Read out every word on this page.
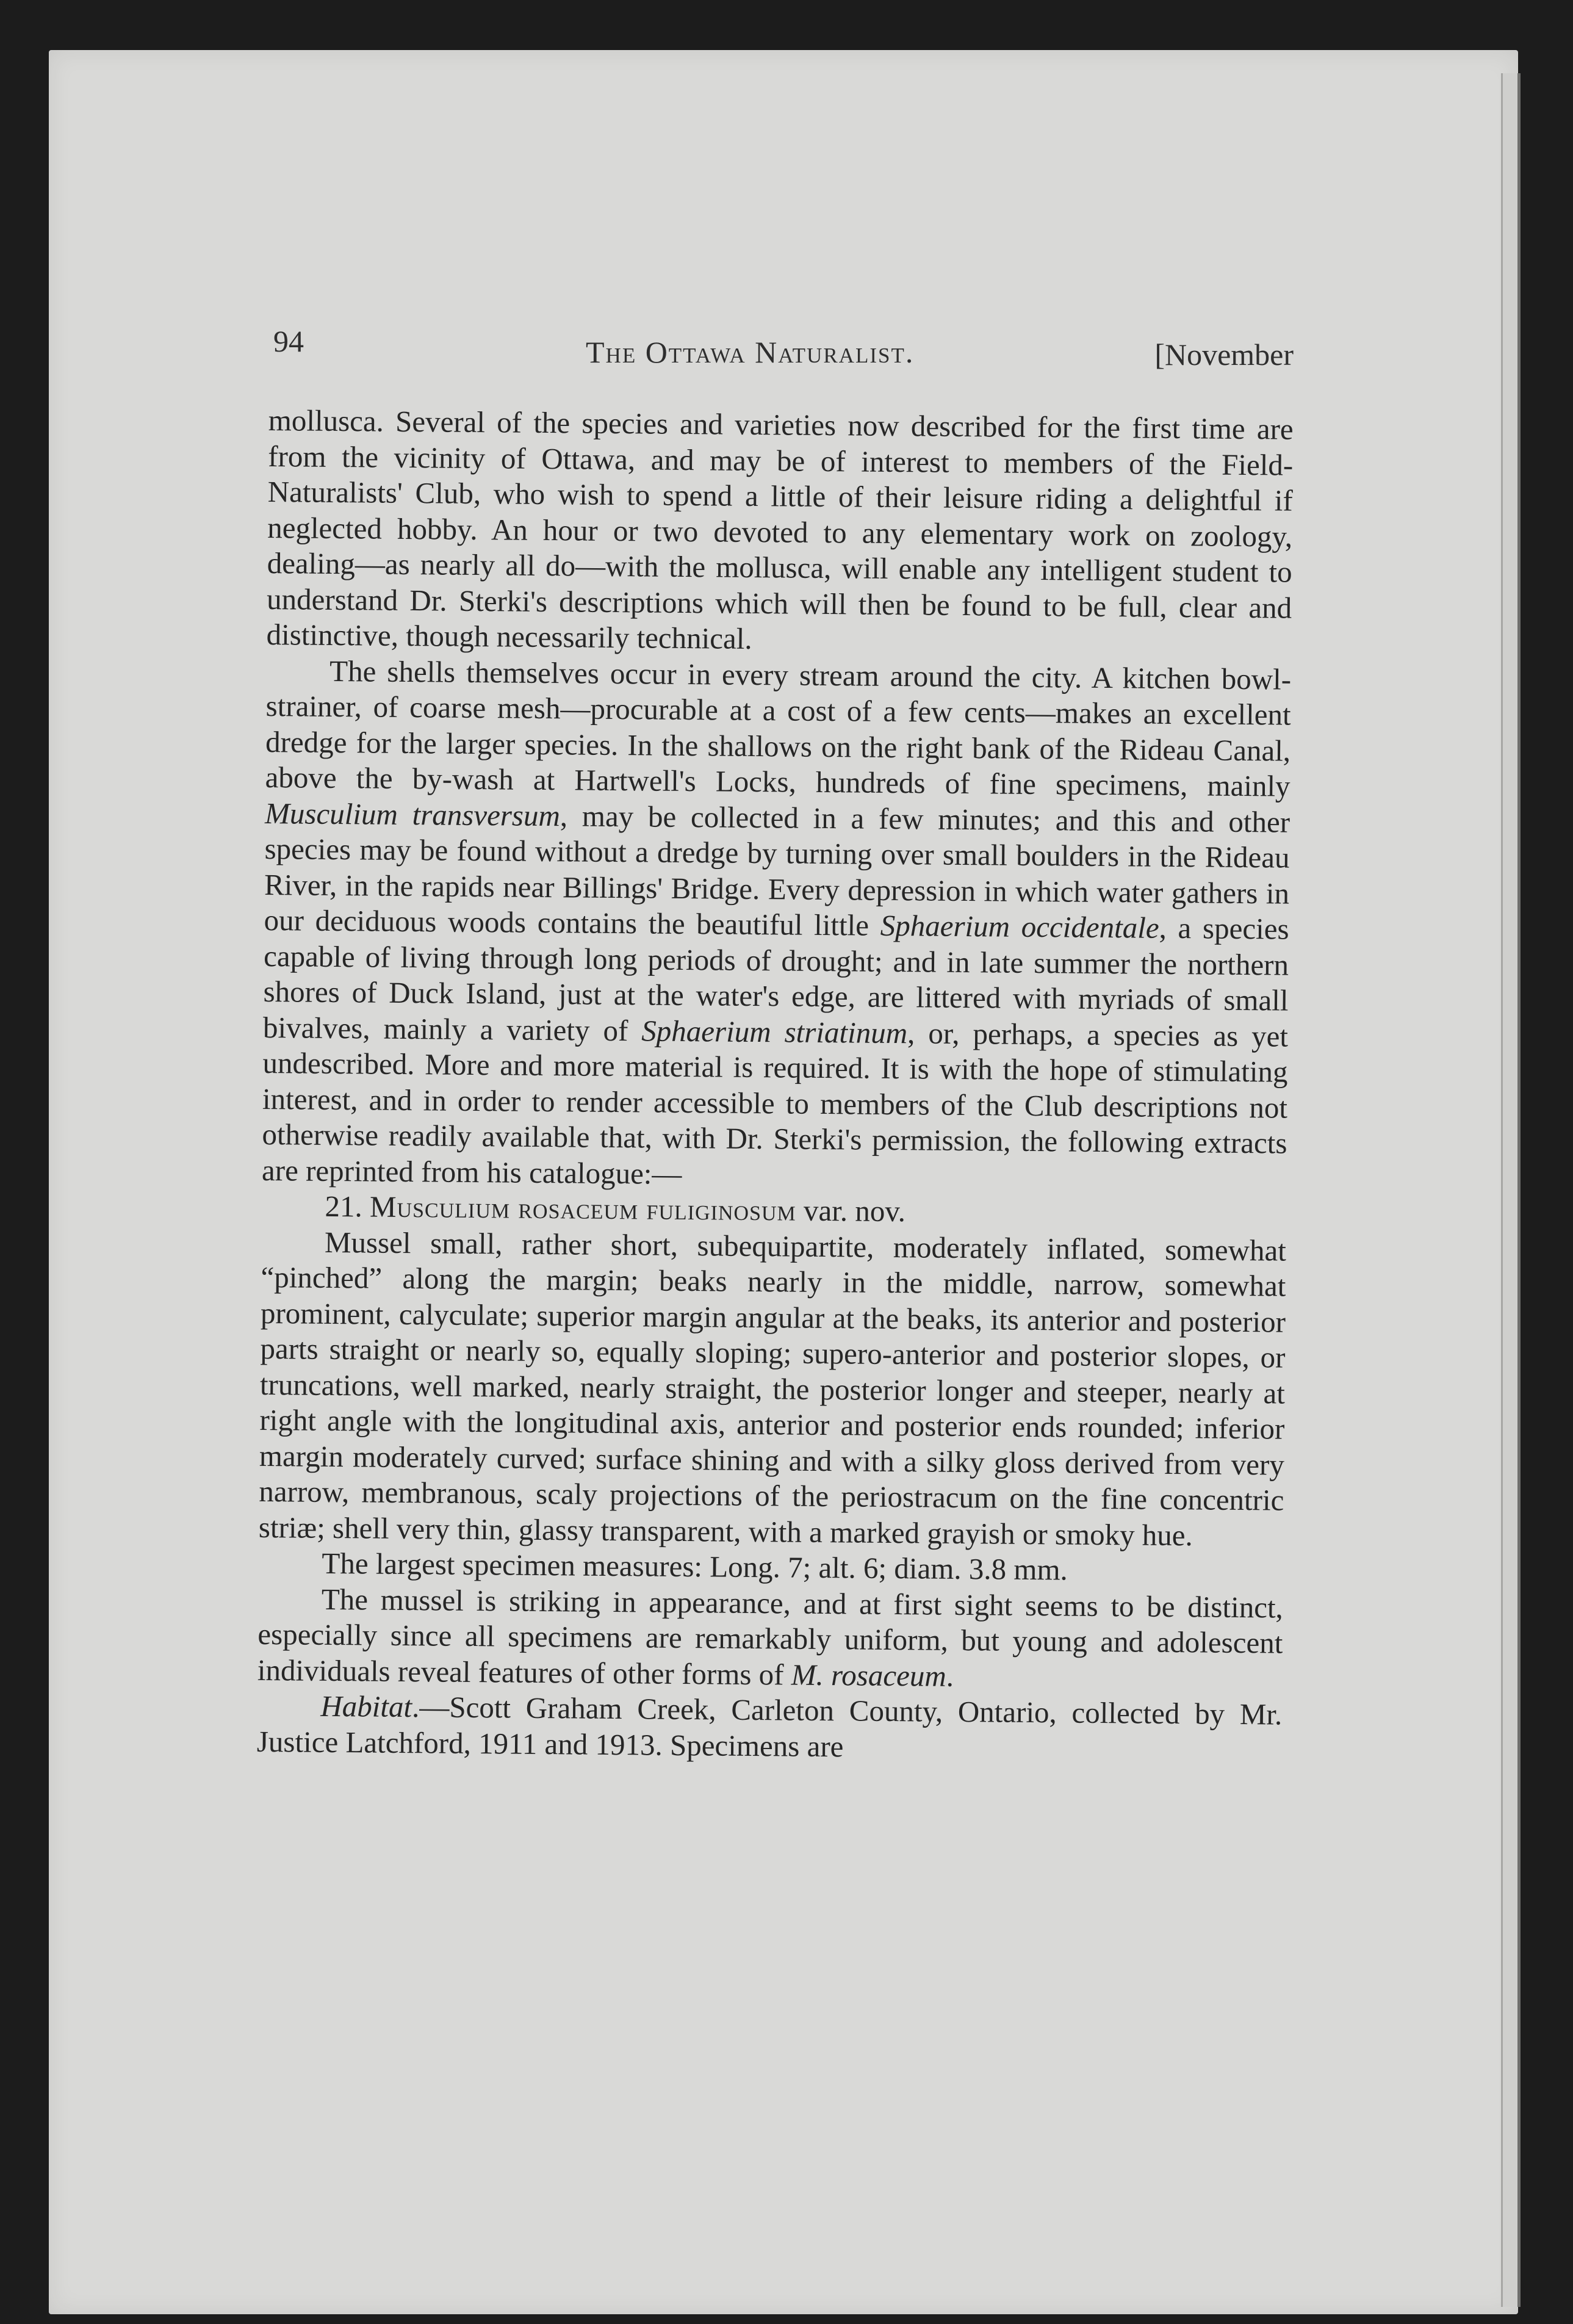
94	The Ottawa Naturalist.	[November

mollusca. Several of the species and varieties now described for the first time are from the vicinity of Ottawa, and may be of interest to members of the Field-Naturalists' Club, who wish to spend a little of their leisure riding a delightful if neglected hobby. An hour or two devoted to any elementary work on zoology, dealing—as nearly all do—with the mollusca, will enable any intelligent student to understand Dr. Sterki's descriptions which will then be found to be full, clear and distinctive, though necessarily technical.

The shells themselves occur in every stream around the city. A kitchen bowl-strainer, of coarse mesh—procurable at a cost of a few cents—makes an excellent dredge for the larger species. In the shallows on the right bank of the Rideau Canal, above the by-wash at Hartwell's Locks, hundreds of fine specimens, mainly Musculium transversum, may be collected in a few minutes; and this and other species may be found without a dredge by turning over small boulders in the Rideau River, in the rapids near Billings' Bridge. Every depression in which water gathers in our deciduous woods contains the beautiful little Sphaerium occidentale, a species capable of living through long periods of drought; and in late summer the northern shores of Duck Island, just at the water's edge, are littered with myriads of small bivalves, mainly a variety of Sphaerium striatinum, or, perhaps, a species as yet undescribed. More and more material is required. It is with the hope of stimulating interest, and in order to render accessible to members of the Club descriptions not otherwise readily available that, with Dr. Sterki's permission, the following extracts are reprinted from his catalogue:—

21. Musculium rosaceum fuliginosum var. nov.

Mussel small, rather short, subequipartite, moderately inflated, somewhat “pinched” along the margin; beaks nearly in the middle, narrow, somewhat prominent, calyculate; superior margin angular at the beaks, its anterior and posterior parts straight or nearly so, equally sloping; supero-anterior and posterior slopes, or truncations, well marked, nearly straight, the posterior longer and steeper, nearly at right angle with the longitudinal axis, anterior and posterior ends rounded; inferior margin moderately curved; surface shining and with a silky gloss derived from very narrow, membranous, scaly projections of the periostracum on the fine concentric striæ; shell very thin, glassy transparent, with a marked grayish or smoky hue.

The largest specimen measures: Long. 7; alt. 6; diam. 3.8 mm.

The mussel is striking in appearance, and at first sight seems to be distinct, especially since all specimens are remarkably uniform, but young and adolescent individuals reveal features of other forms of M. rosaceum.

Habitat.—Scott Graham Creek, Carleton County, Ontario, collected by Mr. Justice Latchford, 1911 and 1913. Specimens are
